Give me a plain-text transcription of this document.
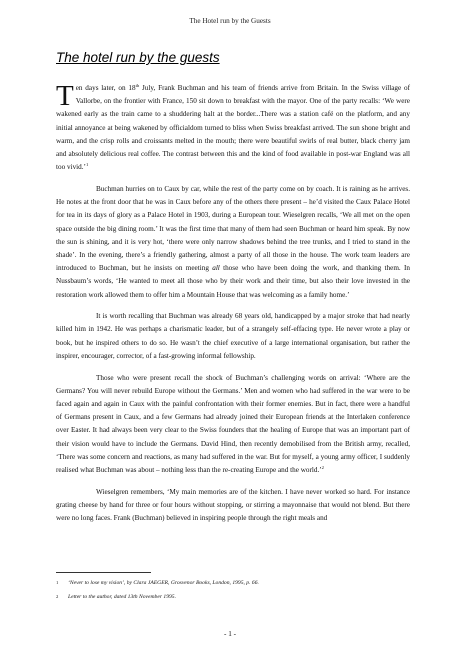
The Hotel run by the Guests
The hotel run by the guests

Ten days later, on 18th July, Frank Buchman and his team of friends arrive from Britain. In the Swiss village of Vallorbe, on the frontier with France, 150 sit down to breakfast with the mayor. One of the party recalls: ‘We were wakened early as the train came to a shuddering halt at the border...There was a station café on the platform, and any initial annoyance at being wakened by officialdom turned to bliss when Swiss breakfast arrived. The sun shone bright and warm, and the crisp rolls and croissants melted in the mouth; there were beautiful swirls of real butter, black cherry jam and absolutely delicious real coffee. The contrast between this and the kind of food available in post-war England was all too vivid.’$^1$

Buchman hurries on to Caux by car, while the rest of the party come on by coach. It is raining as he arrives. He notes at the front door that he was in Caux before any of the others there present – he’d visited the Caux Palace Hotel for tea in its days of glory as a Palace Hotel in 1903, during a European tour. Wieselgren recalls, ‘We all met on the open space outside the big dining room.’ It was the first time that many of them had seen Buchman or heard him speak. By now the sun is shining, and it is very hot, ‘there were only narrow shadows behind the tree trunks, and I tried to stand in the shade’. In the evening, there’s a friendly gathering, almost a party of all those in the house. The work team leaders are introduced to Buchman, but he insists on meeting all those who have been doing the work, and thanking them. In Nussbaum’s words, ‘He wanted to meet all those who by their work and their time, but also their love invested in the restoration work allowed them to offer him a Mountain House that was welcoming as a family home.’

It is worth recalling that Buchman was already 68 years old, handicapped by a major stroke that had nearly killed him in 1942. He was perhaps a charismatic leader, but of a strangely self-effacing type. He never wrote a play or book, but he inspired others to do so. He wasn’t the chief executive of a large international organisation, but rather the inspirer, encourager, corrector, of a fast-growing informal fellowship.

Those who were present recall the shock of Buchman’s challenging words on arrival: ‘Where are the Germans? You will never rebuild Europe without the Germans.’ Men and women who had suffered in the war were to be faced again and again in Caux with the painful confrontation with their former enemies. But in fact, there were a handful of Germans present in Caux, and a few Germans had already joined their European friends at the Interlaken conference over Easter. It had always been very clear to the Swiss founders that the healing of Europe that was an important part of their vision would have to include the Germans. David Hind, then recently demobilised from the British army, recalled, ‘There was some concern and reactions, as many had suffered in the war. But for myself, a young army officer, I suddenly realised what Buchman was about – nothing less than the re-creating Europe and the world.’$^2$

Wieselgren remembers, ‘My main memories are of the kitchen. I have never worked so hard. For instance grating cheese by hand for three or four hours without stopping, or stirring a mayonnaise that would not blend. But there were no long faces. Frank (Buchman) believed in inspiring people through the right meals and

1	‘Never to lose my vision’, by Clara JAEGER, Grosvenor Books, London, 1995, p. 66.
2	Letter to the author, dated 13th November 1995.
- 1 -
